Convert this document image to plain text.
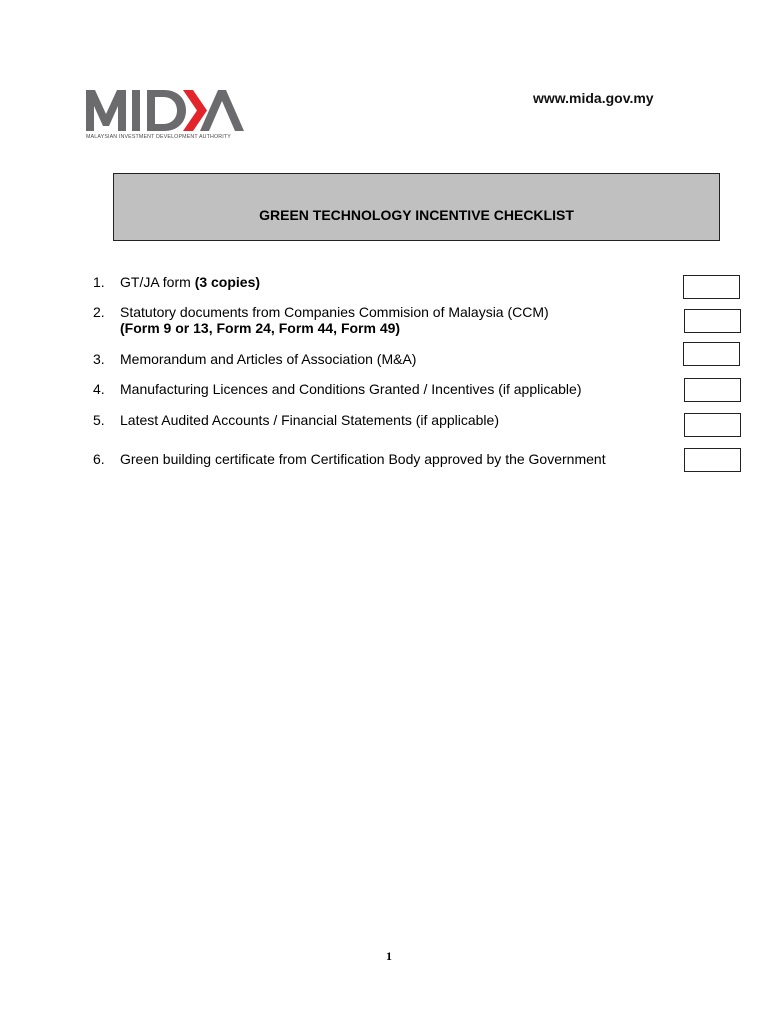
MALAYSIAN INVESTMENT DEVELOPMENT AUTHORITY
www.mida.gov.my
GREEN TECHNOLOGY INCENTIVE CHECKLIST
1. GT/JA form (3 copies)
2. Statutory documents from Companies Commision of Malaysia (CCM)
(Form 9 or 13, Form 24, Form 44, Form 49)
3. Memorandum and Articles of Association (M&A)
4. Manufacturing Licences and Conditions Granted / Incentives (if applicable)
5. Latest Audited Accounts / Financial Statements (if applicable)
6. Green building certificate from Certification Body approved by the Government
1
